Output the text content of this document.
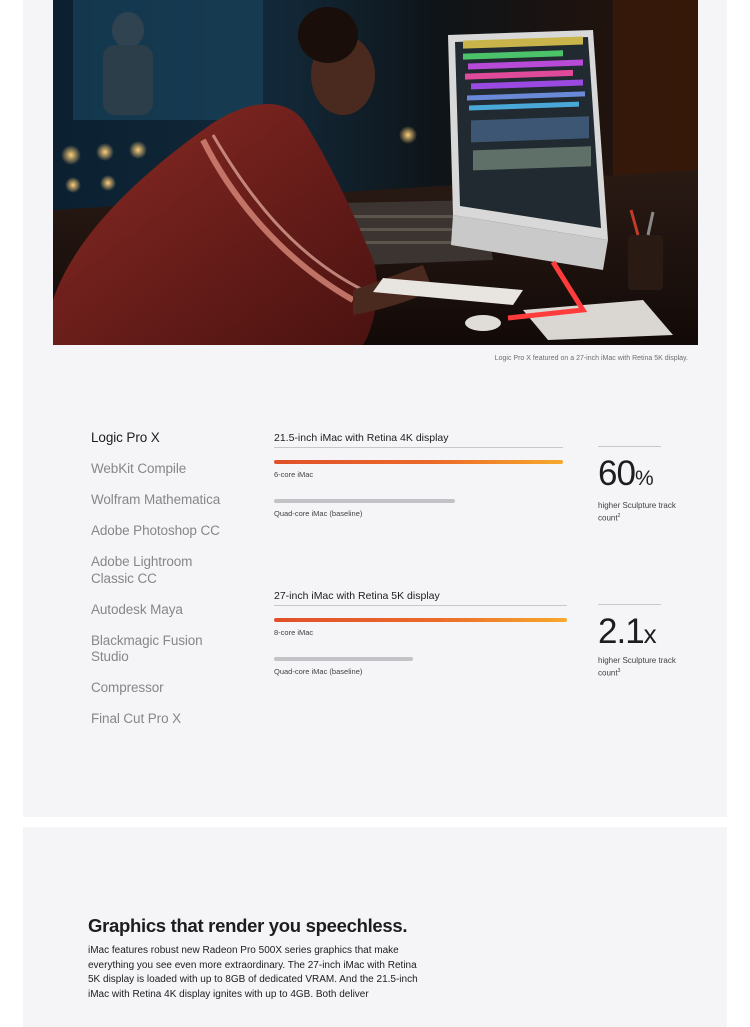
Logic Pro X featured on a 27-inch iMac with Retina 5K display.
Logic Pro X
WebKit Compile
Wolfram Mathematica
Adobe Photoshop CC
Adobe Lightroom Classic CC
Autodesk Maya
Blackmagic Fusion Studio
Compressor
Final Cut Pro X
21.5-inch iMac with Retina 4K display
6-core iMac
Quad-core iMac (baseline)
60%
higher Sculpture track count$^2$
27-inch iMac with Retina 5K display
8-core iMac
Quad-core iMac (baseline)
2.1x
higher Sculpture track count$^3$
Graphics that render you speechless.
iMac features robust new Radeon Pro 500X series graphics that make everything you see even more extraordinary. The 27-inch iMac with Retina 5K display is loaded with up to 8GB of dedicated VRAM. And the 21.5-inch iMac with Retina 4K display ignites with up to 4GB. Both deliver
